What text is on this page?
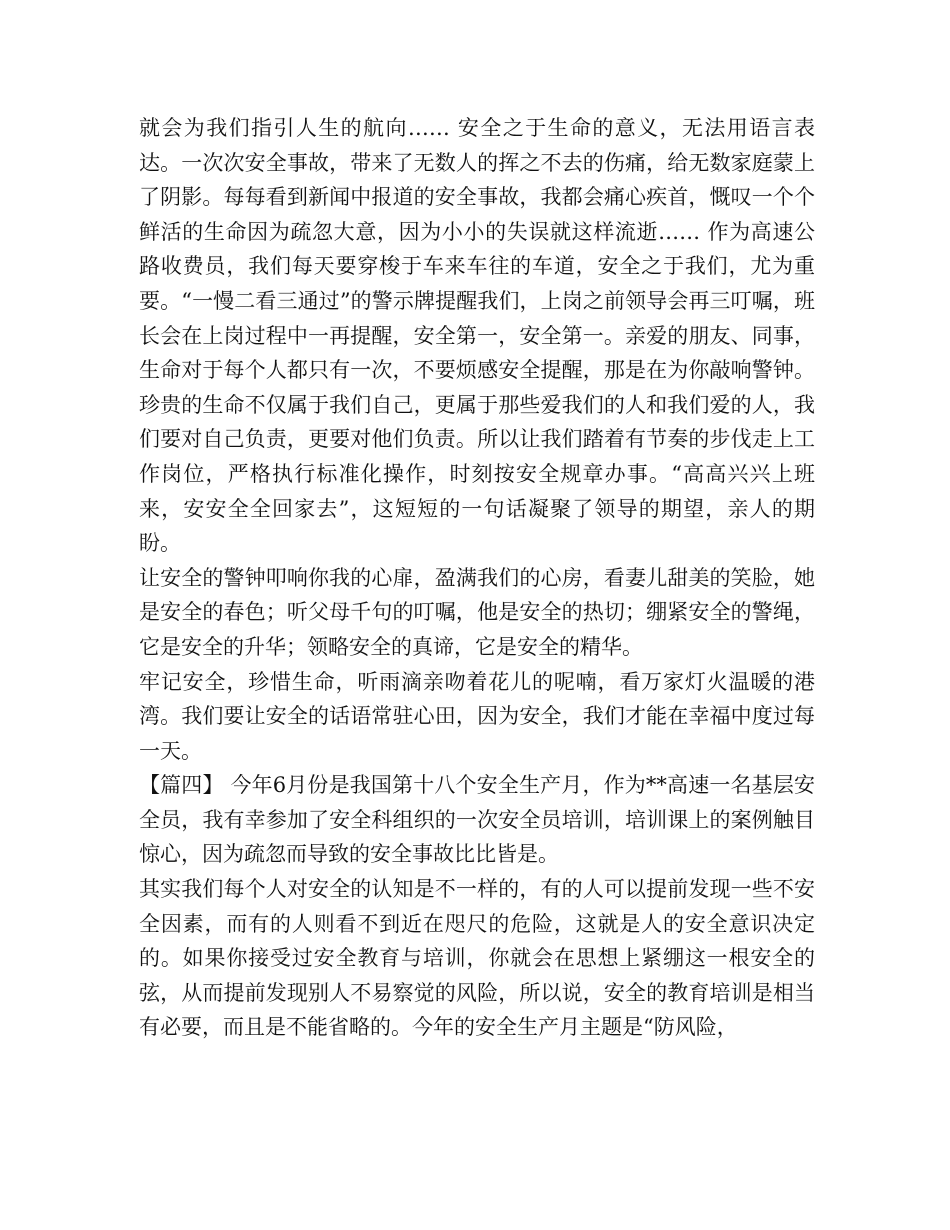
就会为我们指引人生的航向…… 安全之于生命的意义，无法用语言表达。一次次安全事故，带来了无数人的挥之不去的伤痛，给无数家庭蒙上了阴影。每每看到新闻中报道的安全事故，我都会痛心疾首，慨叹一个个鲜活的生命因为疏忽大意，因为小小的失误就这样流逝…… 作为高速公路收费员，我们每天要穿梭于车来车往的车道，安全之于我们，尤为重要。“一慢二看三通过”的警示牌提醒我们，上岗之前领导会再三叮嘱，班长会在上岗过程中一再提醒，安全第一，安全第一。亲爱的朋友、同事，生命对于每个人都只有一次，不要烦感安全提醒，那是在为你敲响警钟。珍贵的生命不仅属于我们自己，更属于那些爱我们的人和我们爱的人，我们要对自己负责，更要对他们负责。所以让我们踏着有节奏的步伐走上工作岗位，严格执行标准化操作，时刻按安全规章办事。“高高兴兴上班来，安安全全回家去”，这短短的一句话凝聚了领导的期望，亲人的期盼。

让安全的警钟叩响你我的心扉，盈满我们的心房，看妻儿甜美的笑脸，她是安全的春色；听父母千句的叮嘱，他是安全的热切；绷紧安全的警绳，它是安全的升华；领略安全的真谛，它是安全的精华。

牢记安全，珍惜生命，听雨滴亲吻着花儿的呢喃，看万家灯火温暖的港湾。我们要让安全的话语常驻心田，因为安全，我们才能在幸福中度过每一天。

【篇四】 今年6月份是我国第十八个安全生产月，作为**高速一名基层安全员，我有幸参加了安全科组织的一次安全员培训，培训课上的案例触目惊心，因为疏忽而导致的安全事故比比皆是。

其实我们每个人对安全的认知是不一样的，有的人可以提前发现一些不安全因素，而有的人则看不到近在咫尺的危险，这就是人的安全意识决定的。如果你接受过安全教育与培训，你就会在思想上紧绷这一根安全的弦，从而提前发现别人不易察觉的风险，所以说，安全的教育培训是相当有必要，而且是不能省略的。今年的安全生产月主题是“防风险，
